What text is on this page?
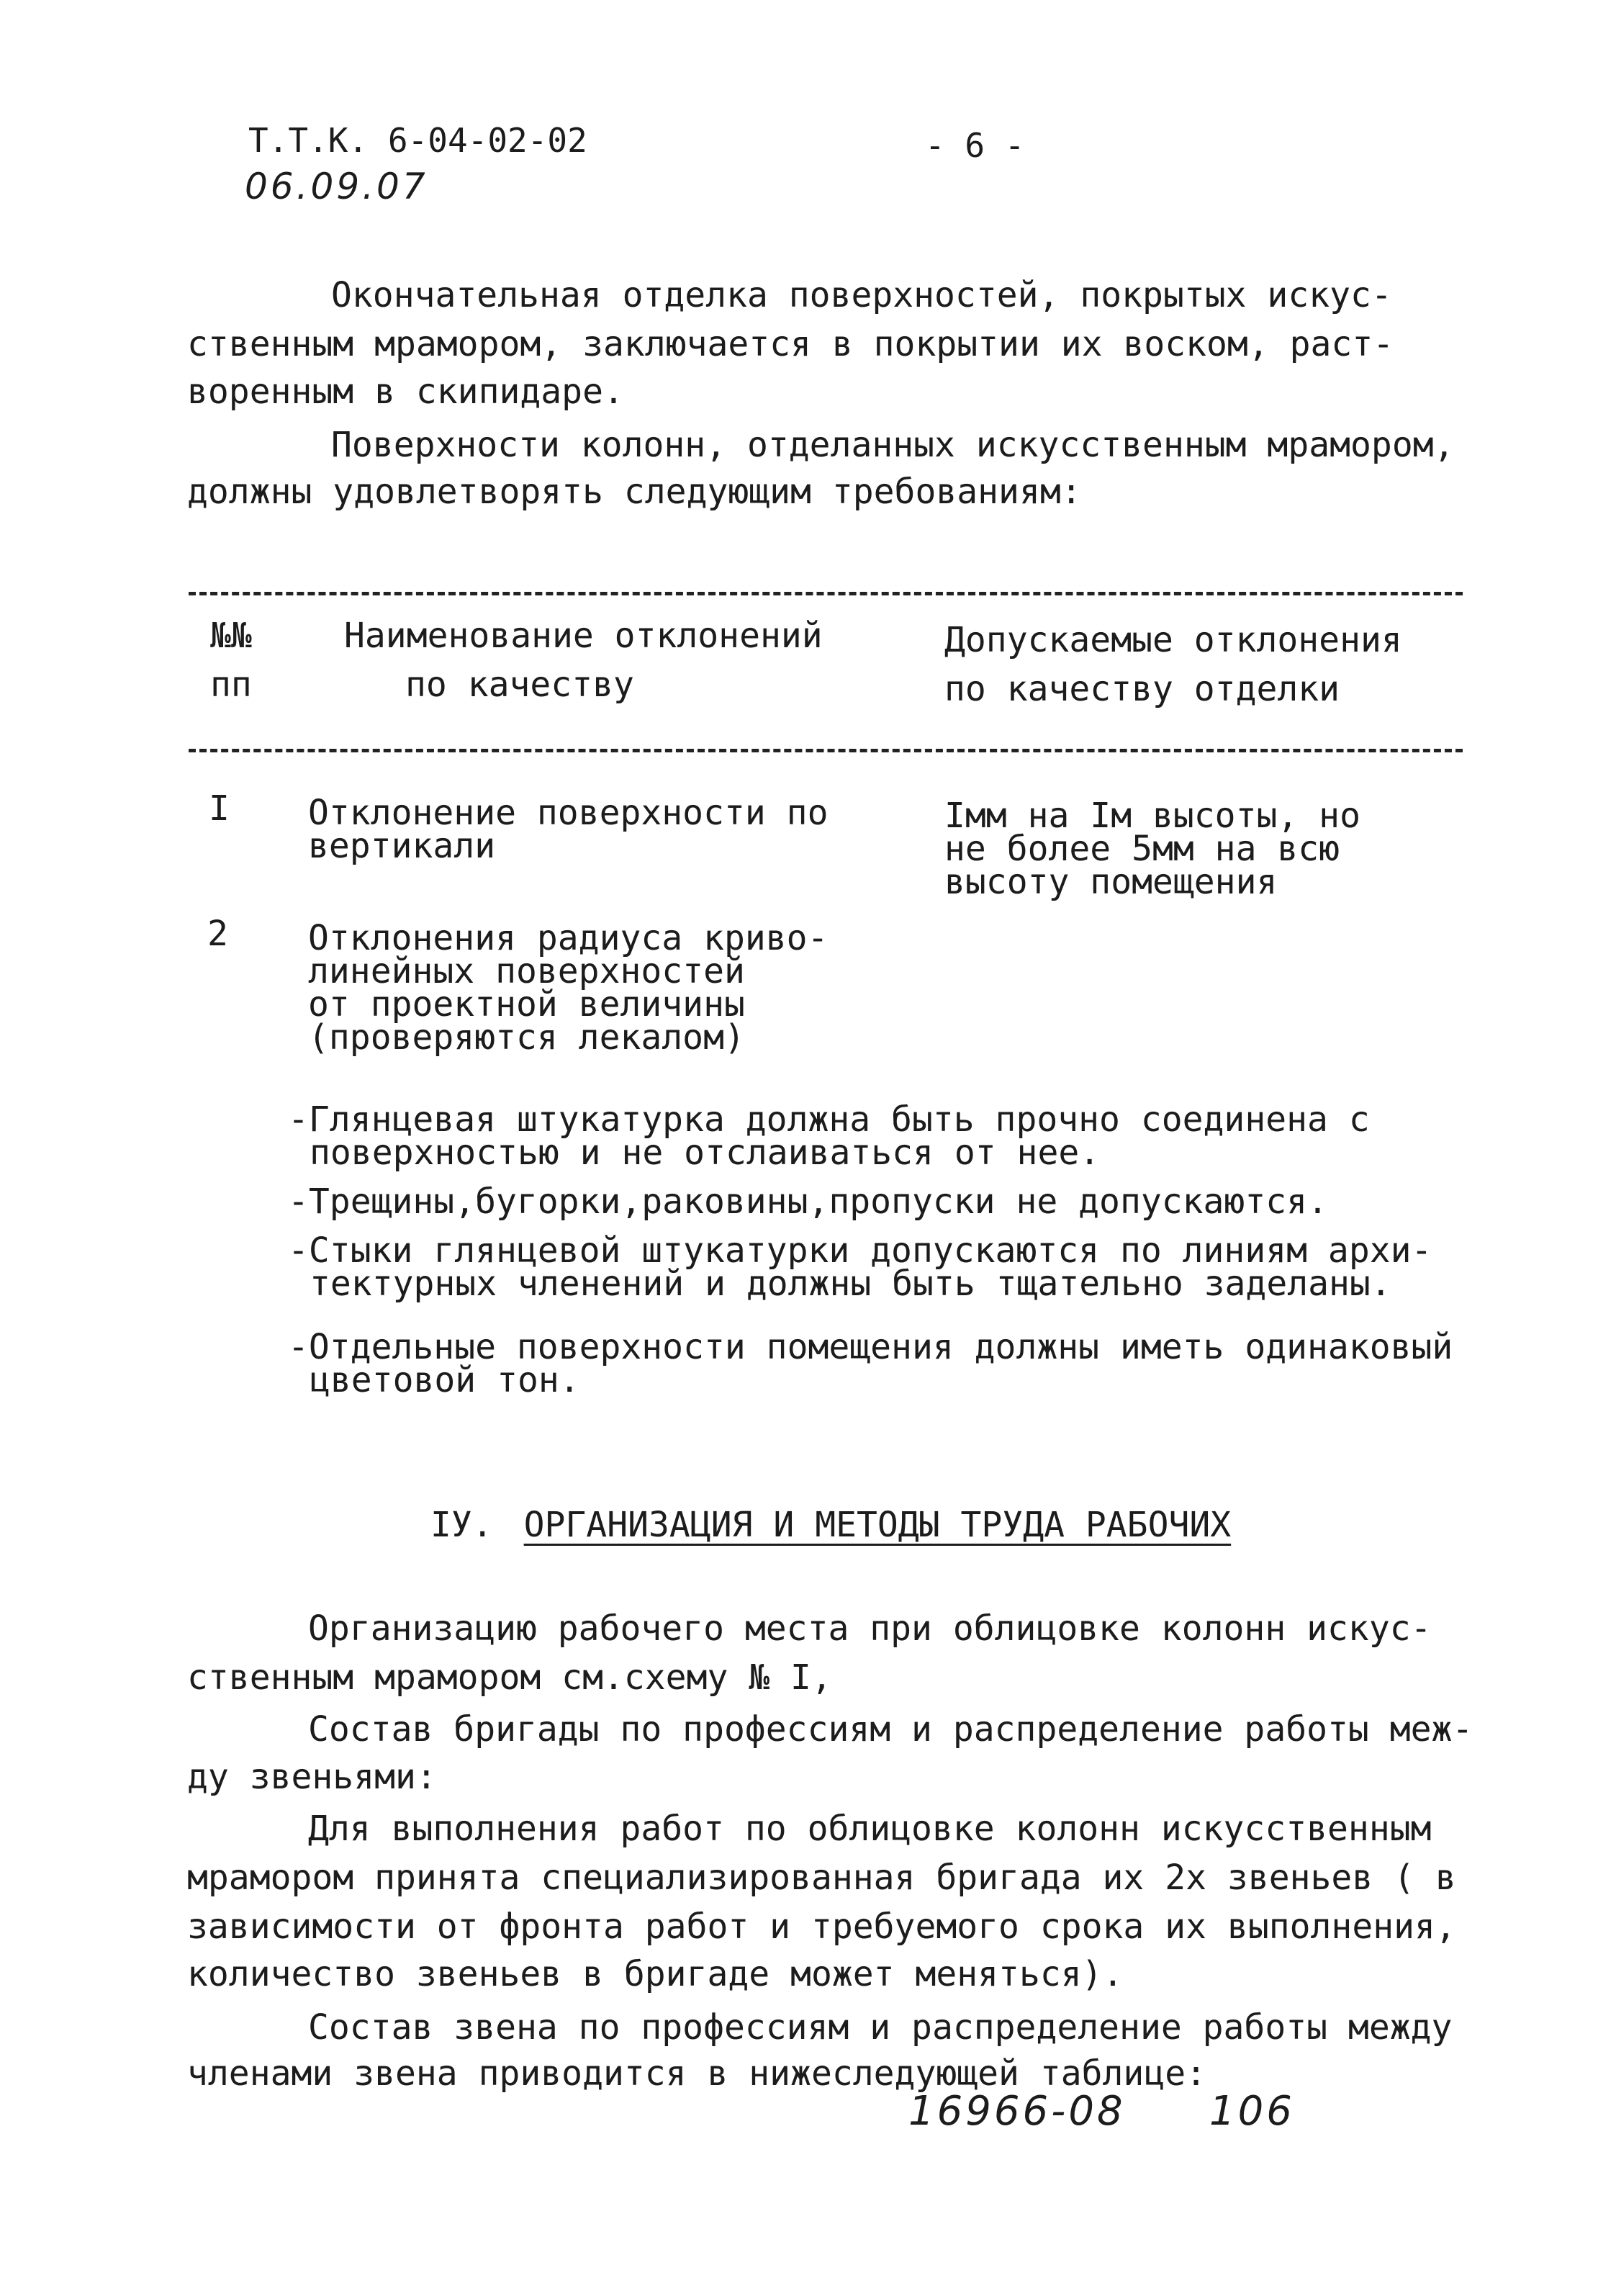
Т.Т.К. 6-04-02-02	- 6 -
06.09.07
Окончательная отделка поверхностей, покрытых искус-
ственным мрамором, заключается в покрытии их воском, раст-
воренным в скипидаре.
Поверхности колонн, отделанных искусственным мрамором,
должны удовлетворять следующим требованиям:
№№
пп
Наименование отклонений
по качеству
Допускаемые отклонения
по качеству отделки
I Отклонение поверхности по
вертикали
Iмм на Iм высоты, но
не более 5мм на всю
высоту помещения
2 Отклонения радиуса криво-
линейных поверхностей
от проектной величины
(проверяются лекалом)
-Глянцевая штукатурка должна быть прочно соединена с
поверхностью и не отслаиваться от нее.
-Трещины,бугорки,раковины,пропуски не допускаются.
-Стыки глянцевой штукатурки допускаются по линиям архи-
тектурных членений и должны быть тщательно заделаны.
-Отдельные поверхности помещения должны иметь одинаковый
цветовой тон.
IУ. ОРГАНИЗАЦИЯ И МЕТОДЫ ТРУДА РАБОЧИХ
Организацию рабочего места при облицовке колонн искус-
ственным мрамором см.схему № I,
Состав бригады по профессиям и распределение работы меж-
ду звеньями:
Для выполнения работ по облицовке колонн искусственным
мрамором принята специализированная бригада их 2х звеньев ( в
зависимости от фронта работ и требуемого срока их выполнения,
количество звеньев в бригаде может меняться).
Состав звена по профессиям и распределение работы между
членами звена приводится в нижеследующей таблице:
16966-08 106
